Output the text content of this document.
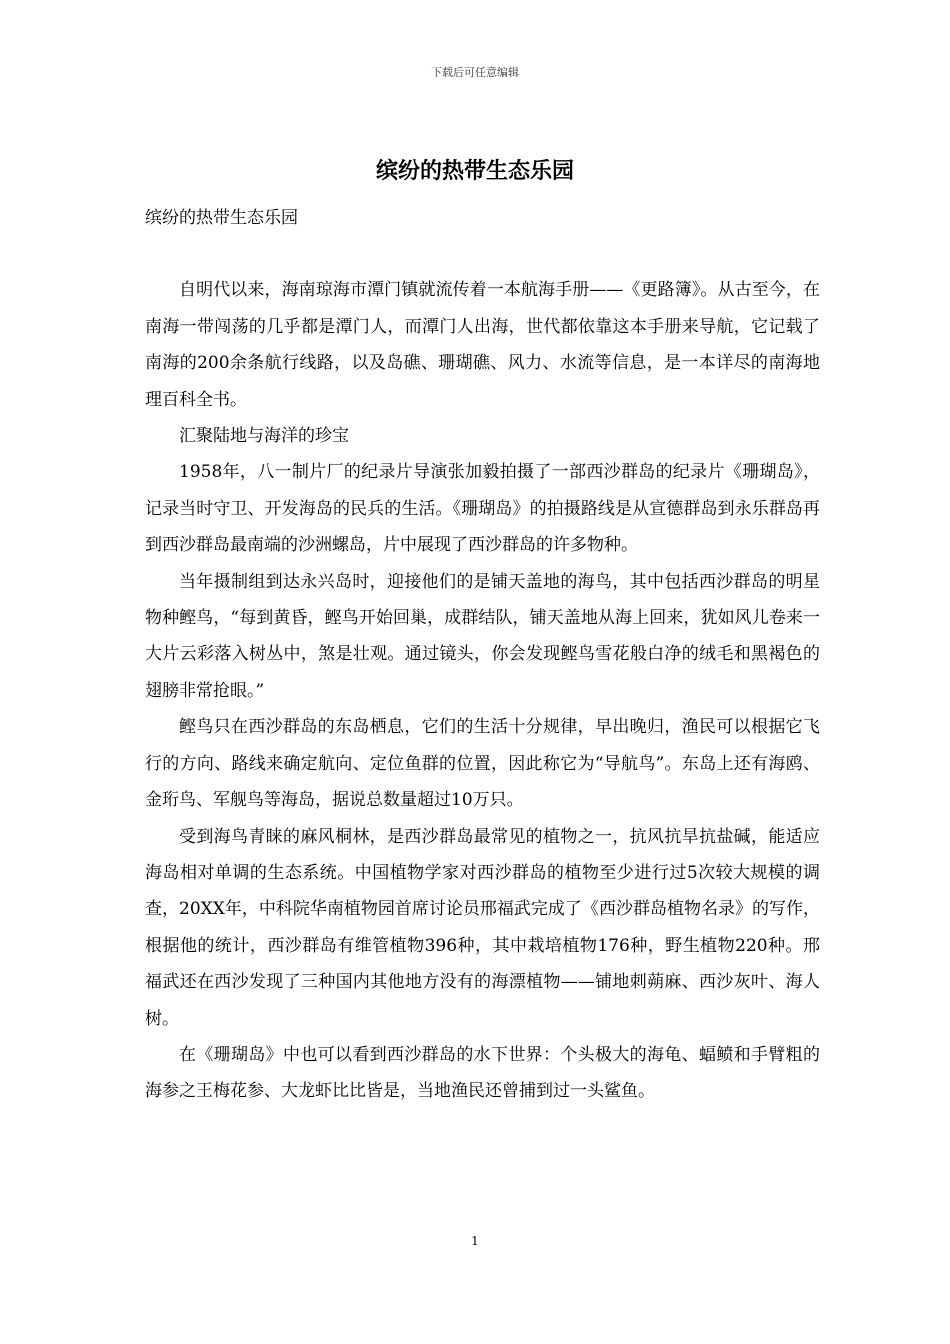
下载后可任意编辑
缤纷的热带生态乐园

缤纷的热带生态乐园

自明代以来，海南琼海市潭门镇就流传着一本航海手册——《更路簿》。从古至今，在南海一带闯荡的几乎都是潭门人，而潭门人出海，世代都依靠这本手册来导航，它记载了南海的200余条航行线路，以及岛礁、珊瑚礁、风力、水流等信息，是一本详尽的南海地理百科全书。

汇聚陆地与海洋的珍宝

1958年，八一制片厂的纪录片导演张加毅拍摄了一部西沙群岛的纪录片《珊瑚岛》，记录当时守卫、开发海岛的民兵的生活。《珊瑚岛》的拍摄路线是从宣德群岛到永乐群岛再到西沙群岛最南端的沙洲螺岛，片中展现了西沙群岛的许多物种。

当年摄制组到达永兴岛时，迎接他们的是铺天盖地的海鸟，其中包括西沙群岛的明星物种鲣鸟，“每到黄昏，鲣鸟开始回巢，成群结队，铺天盖地从海上回来，犹如风儿卷来一大片云彩落入树丛中，煞是壮观。通过镜头，你会发现鲣鸟雪花般白净的绒毛和黑褐色的翅膀非常抢眼。”

鲣鸟只在西沙群岛的东岛栖息，它们的生活十分规律，早出晚归，渔民可以根据它飞行的方向、路线来确定航向、定位鱼群的位置，因此称它为“导航鸟”。东岛上还有海鸥、金珩鸟、军舰鸟等海岛，据说总数量超过10万只。

受到海鸟青睐的麻风桐林，是西沙群岛最常见的植物之一，抗风抗旱抗盐碱，能适应海岛相对单调的生态系统。中国植物学家对西沙群岛的植物至少进行过5次较大规模的调查，20XX年，中科院华南植物园首席讨论员邢福武完成了《西沙群岛植物名录》的写作，根据他的统计，西沙群岛有维管植物396种，其中栽培植物176种，野生植物220种。邢福武还在西沙发现了三种国内其他地方没有的海漂植物——铺地刺蒴麻、西沙灰叶、海人树。

在《珊瑚岛》中也可以看到西沙群岛的水下世界：个头极大的海龟、蝠鲼和手臂粗的海参之王梅花参、大龙虾比比皆是，当地渔民还曾捕到过一头鲨鱼。

1
